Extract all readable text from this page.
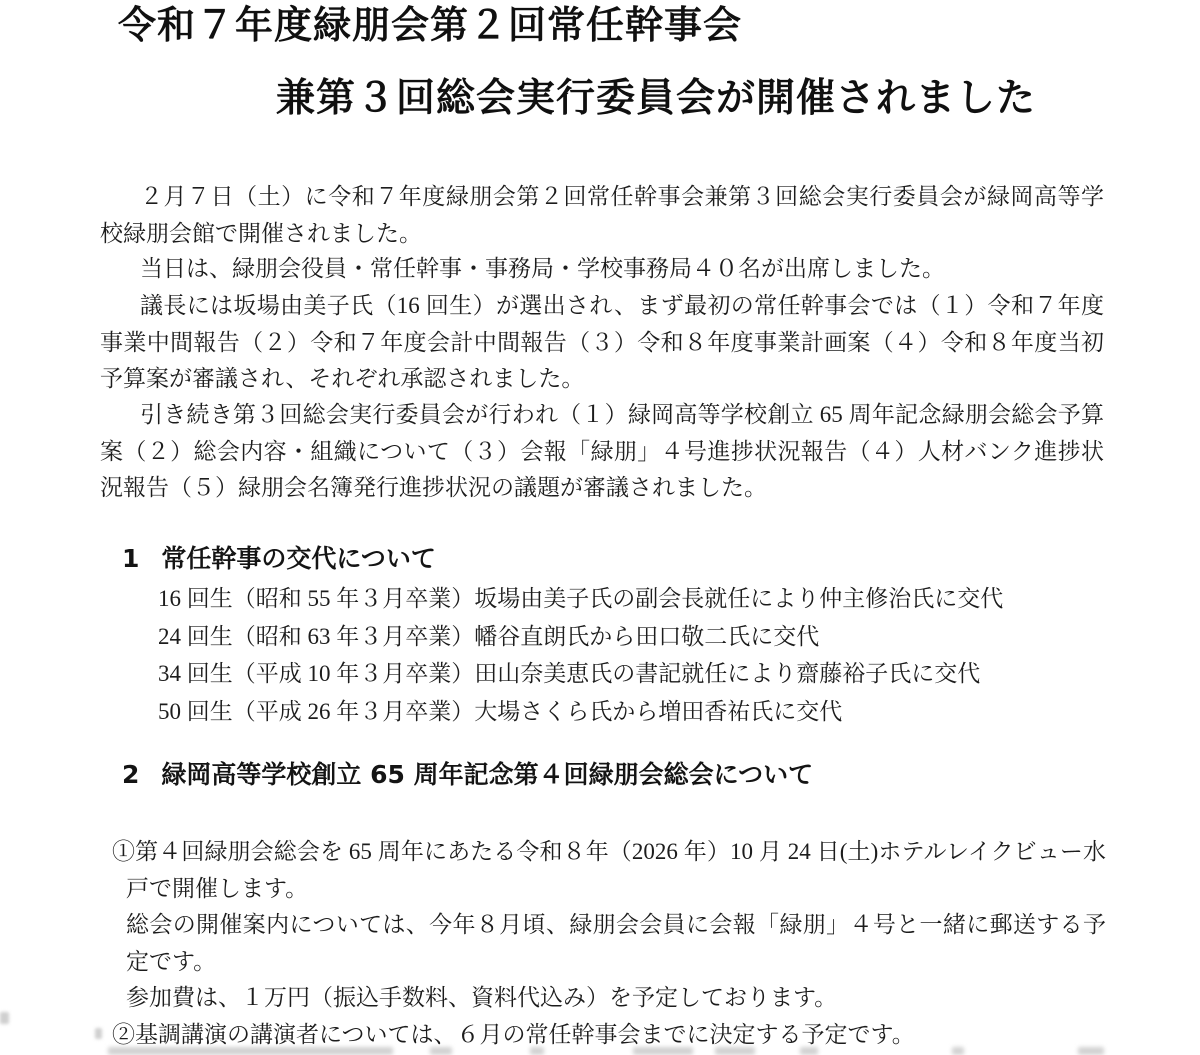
令和７年度緑朋会第２回常任幹事会
兼第３回総会実行委員会が開催されました

２月７日（土）に令和７年度緑朋会第２回常任幹事会兼第３回総会実行委員会が緑岡高等学校緑朋会館で開催されました。

当日は、緑朋会役員・常任幹事・事務局・学校事務局４０名が出席しました。

議長には坂場由美子氏（16 回生）が選出され、まず最初の常任幹事会では（１）令和７年度事業中間報告（２）令和７年度会計中間報告（３）令和８年度事業計画案（４）令和８年度当初予算案が審議され、それぞれ承認されました。

引き続き第３回総会実行委員会が行われ（１）緑岡高等学校創立 65 周年記念緑朋会総会予算案（２）総会内容・組織について（３）会報「緑朋」４号進捗状況報告（４）人材バンク進捗状況報告（５）緑朋会名簿発行進捗状況の議題が審議されました。

1 常任幹事の交代について

16 回生（昭和 55 年３月卒業）坂場由美子氏の副会長就任により仲主修治氏に交代

24 回生（昭和 63 年３月卒業）幡谷直朗氏から田口敬二氏に交代

34 回生（平成 10 年３月卒業）田山奈美恵氏の書記就任により齋藤裕子氏に交代

50 回生（平成 26 年３月卒業）大場さくら氏から増田香祐氏に交代

2 緑岡高等学校創立 65 周年記念第４回緑朋会総会について

①第４回緑朋会総会を 65 周年にあたる令和８年（2026 年）10 月 24 日(土)ホテルレイクビュー水戸で開催します。

総会の開催案内については、今年８月頃、緑朋会会員に会報「緑朋」４号と一緒に郵送する予定です。

参加費は、１万円（振込手数料、資料代込み）を予定しております。

②基調講演の講演者については、６月の常任幹事会までに決定する予定です。
